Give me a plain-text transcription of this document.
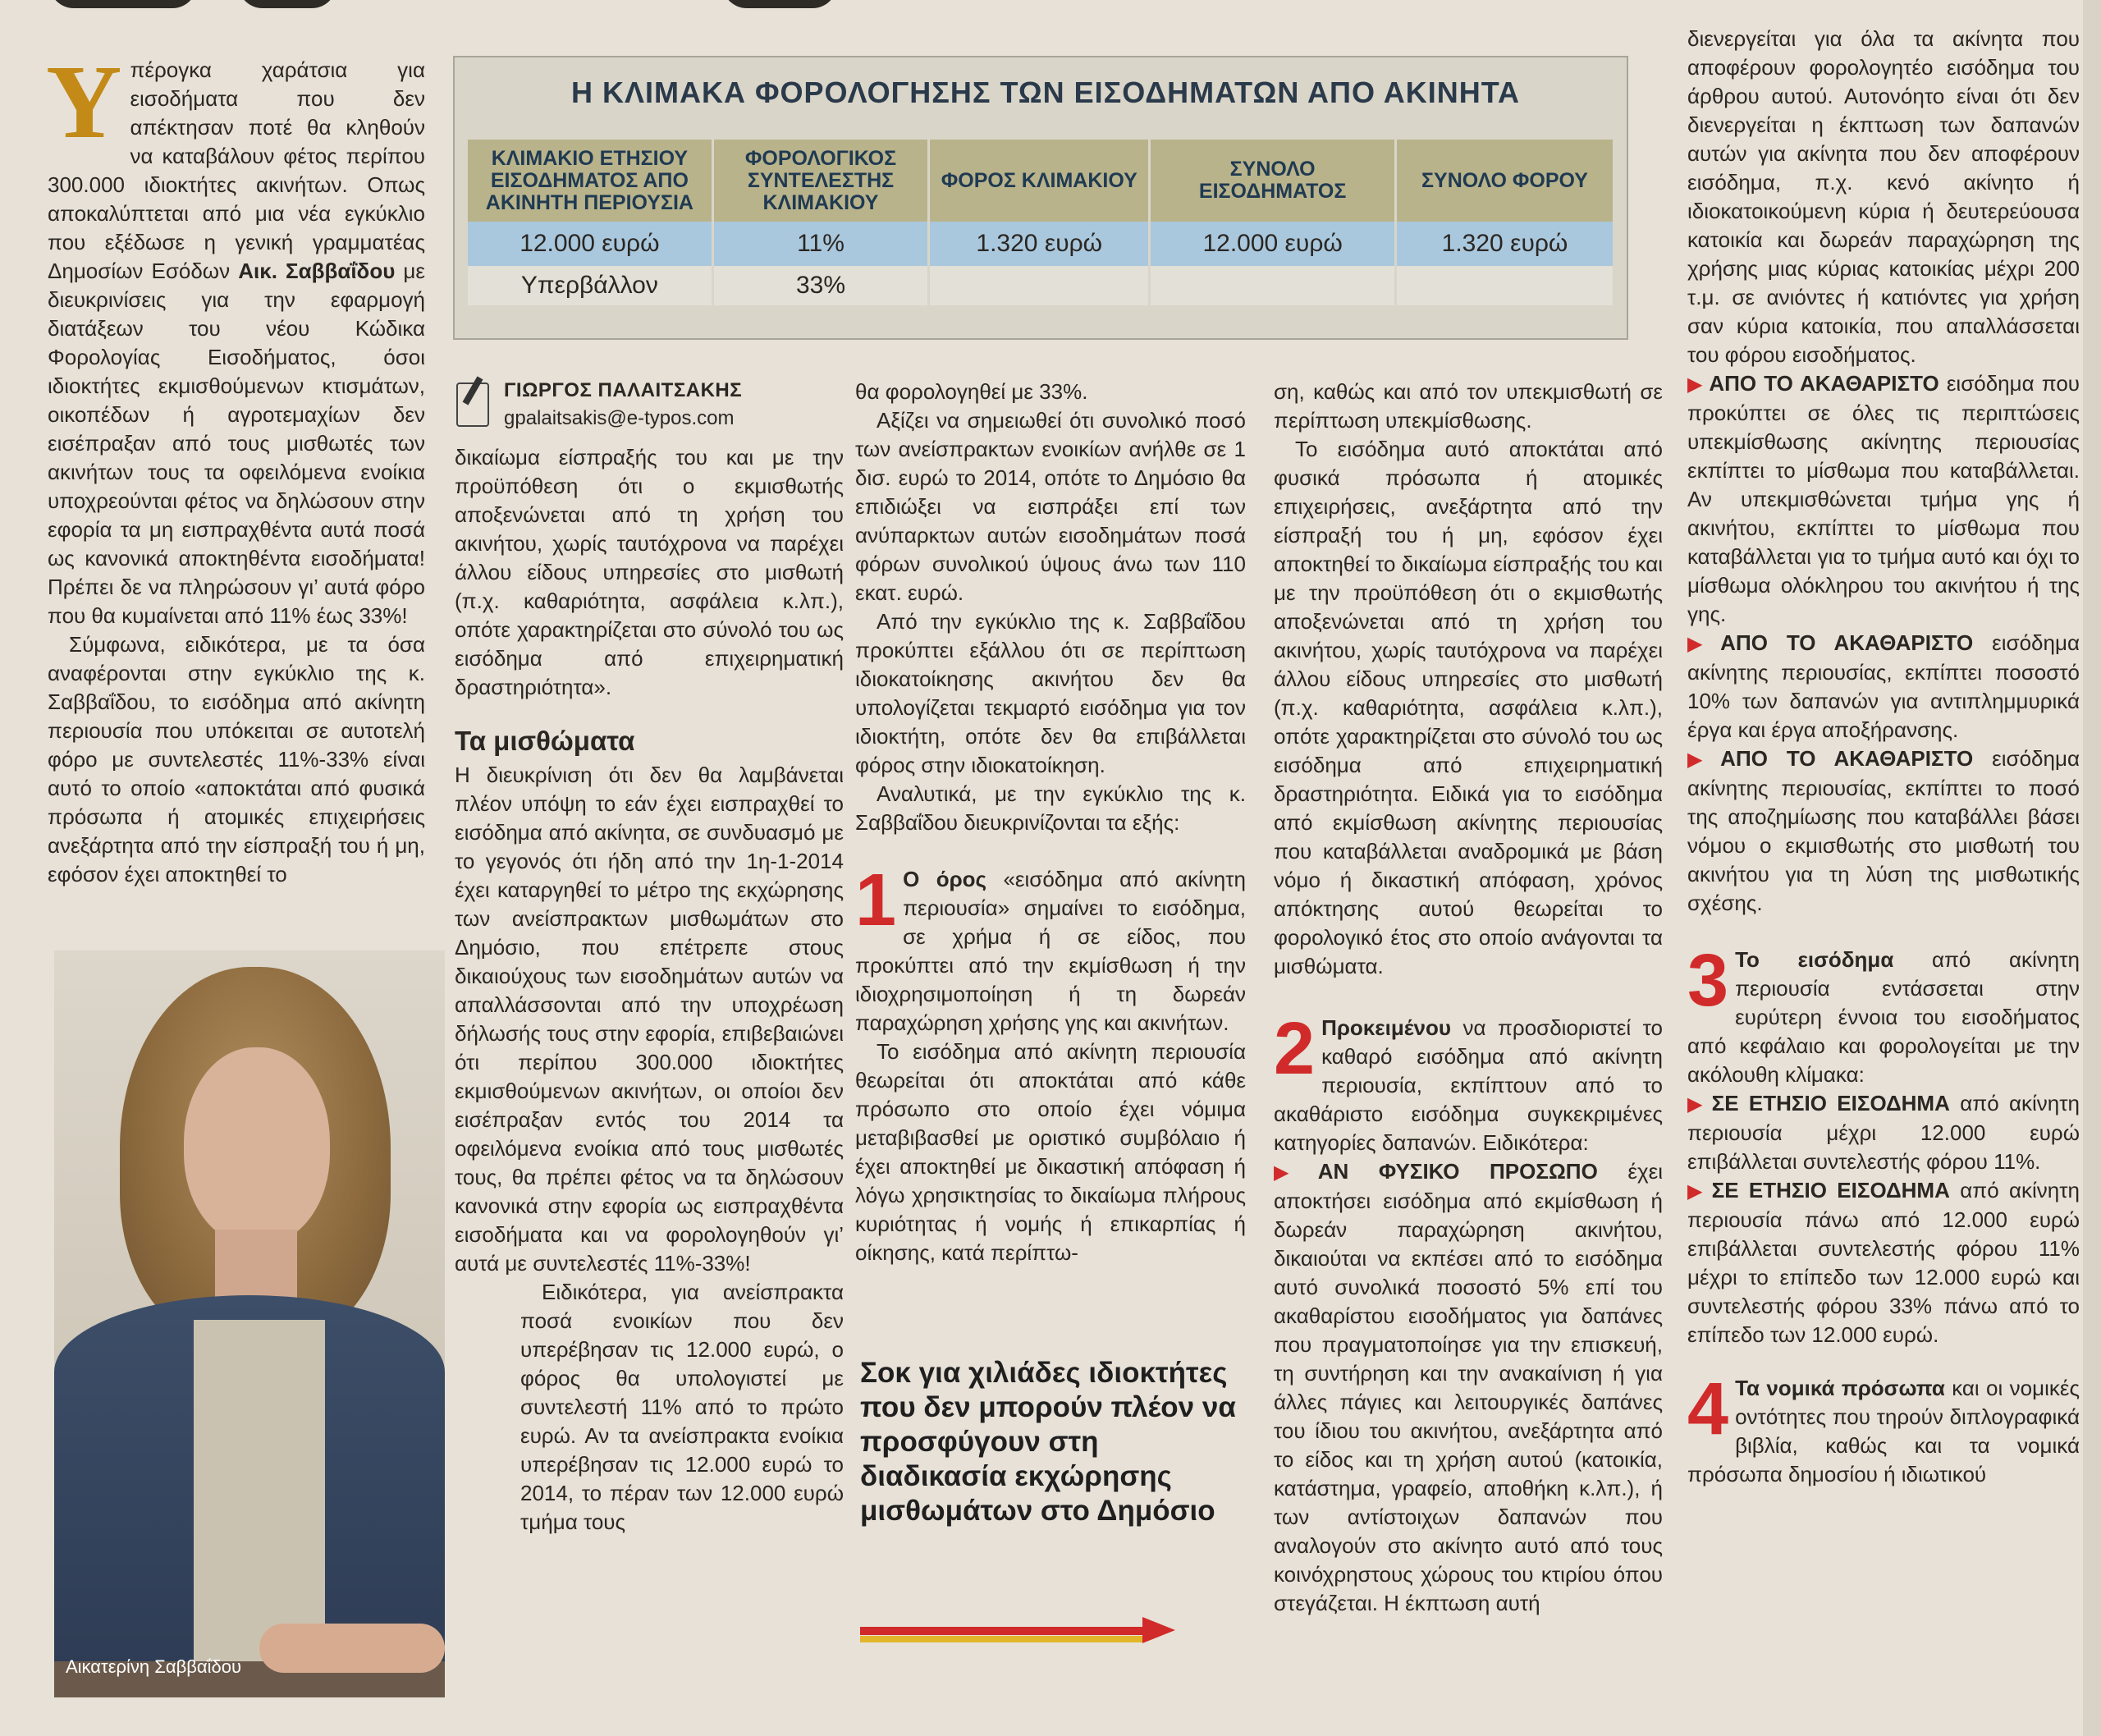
Υπέρογκα χαράτσια για εισοδήματα που δεν απέκτησαν ποτέ θα κληθούν να καταβάλουν φέτος περίπου 300.000 ιδιοκτήτες ακινήτων. Οπως αποκαλύπτεται από μια νέα εγκύκλιο που εξέδωσε η γενική γραμματέας Δημοσίων Εσόδων Αικ. Σαββαΐδου με διευκρινίσεις για την εφαρμογή διατάξεων του νέου Κώδικα Φορολογίας Εισοδήματος, όσοι ιδιοκτήτες εκμισθούμενων κτισμάτων, οικοπέδων ή αγροτεμαχίων δεν εισέπραξαν από τους μισθωτές των ακινήτων τους τα οφειλόμενα ενοίκια υποχρεούνται φέτος να δηλώσουν στην εφορία τα μη εισπραχθέντα αυτά ποσά ως κανονικά αποκτηθέντα εισοδήματα! Πρέπει δε να πληρώσουν γι’ αυτά φόρο που θα κυμαίνεται από 11% έως 33%!

Σύμφωνα, ειδικότερα, με τα όσα αναφέρονται στην εγκύκλιο της κ. Σαββαΐδου, το εισόδημα από ακίνητη περιουσία που υπόκειται σε αυτοτελή φόρο με συντελεστές 11%-33% είναι αυτό το οποίο «αποκτάται από φυσικά πρόσωπα ή ατομικές επιχειρήσεις ανεξάρτητα από την είσπραξή του ή μη, εφόσον έχει αποκτηθεί το

Η ΚΛΙΜΑΚΑ ΦΟΡΟΛΟΓΗΣΗΣ ΤΩΝ ΕΙΣΟΔΗΜΑΤΩΝ ΑΠΟ ΑΚΙΝΗΤΑ
ΚΛΙΜΑΚΙΟ ΕΤΗΣΙΟΥ ΕΙΣΟΔΗΜΑΤΟΣ ΑΠΟ ΑΚΙΝΗΤΗ ΠΕΡΙΟΥΣΙΑ	ΦΟΡΟΛΟΓΙΚΟΣ ΣΥΝΤΕΛΕΣΤΗΣ ΚΛΙΜΑΚΙΟΥ	ΦΟΡΟΣ ΚΛΙΜΑΚΙΟΥ	ΣΥΝΟΛΟ ΕΙΣΟΔΗΜΑΤΟΣ	ΣΥΝΟΛΟ ΦΟΡΟΥ
12.000 ευρώ	11%	1.320 ευρώ	12.000 ευρώ	1.320 ευρώ
Υπερβάλλον	33%			
ΓΙΩΡΓΟΣ ΠΑΛΑΙΤΣΑΚΗΣ
gpalaitsakis@e-typos.com

δικαίωμα είσπραξής του και με την προϋπόθεση ότι ο εκμισθωτής αποξενώνεται από τη χρήση του ακινήτου, χωρίς ταυτόχρονα να παρέχει άλλου είδους υπηρεσίες στο μισθωτή (π.χ. καθαριότητα, ασφάλεια κ.λπ.), οπότε χαρακτηρίζεται στο σύνολό του ως εισόδημα από επιχειρηματική δραστηριότητα».

Τα μισθώματα

Η διευκρίνιση ότι δεν θα λαμβάνεται πλέον υπόψη το εάν έχει εισπραχθεί το εισόδημα από ακίνητα, σε συνδυασμό με το γεγονός ότι ήδη από την 1η-1-2014 έχει καταργηθεί το μέτρο της εκχώρησης των ανείσπρακτων μισθωμάτων στο Δημόσιο, που επέτρεπε στους δικαιούχους των εισοδημάτων αυτών να απαλλάσσονται από την υποχρέωση δήλωσής τους στην εφορία, επιβεβαιώνει ότι περίπου 300.000 ιδιοκτήτες εκμισθούμενων ακινήτων, οι οποίοι δεν εισέπραξαν εντός του 2014 τα οφειλόμενα ενοίκια από τους μισθωτές τους, θα πρέπει φέτος να τα δηλώσουν κανονικά στην εφορία ως εισπραχθέντα εισοδήματα και να φορολογηθούν γι’ αυτά με συντελεστές 11%-33%!

Ειδικότερα, για ανείσπρακτα ποσά ενοικίων που δεν υπερέβησαν τις 12.000 ευρώ, ο φόρος θα υπολογιστεί με συντελεστή 11% από το πρώτο ευρώ. Αν τα ανείσπρακτα ενοίκια υπερέβησαν τις 12.000 ευρώ το 2014, το πέραν των 12.000 ευρώ τμήμα τους

θα φορολογηθεί με 33%.

Αξίζει να σημειωθεί ότι συνολικό ποσό των ανείσπρακτων ενοικίων ανήλθε σε 1 δισ. ευρώ το 2014, οπότε το Δημόσιο θα επιδιώξει να εισπράξει επί των ανύπαρκτων αυτών εισοδημάτων ποσά φόρων συνολικού ύψους άνω των 110 εκατ. ευρώ.

Από την εγκύκλιο της κ. Σαββαΐδου προκύπτει εξάλλου ότι σε περίπτωση ιδιοκατοίκησης ακινήτου δεν θα υπολογίζεται τεκμαρτό εισόδημα για τον ιδιοκτήτη, οπότε δεν θα επιβάλλεται φόρος στην ιδιοκατοίκηση.

Αναλυτικά, με την εγκύκλιο της κ. Σαββαΐδου διευκρινίζονται τα εξής:

1 Ο όρος «εισόδημα από ακίνητη περιουσία» σημαίνει το εισόδημα, σε χρήμα ή σε είδος, που προκύπτει από την εκμίσθωση ή την ιδιοχρησιμοποίηση ή τη δωρεάν παραχώρηση χρήσης γης και ακινήτων.

Το εισόδημα από ακίνητη περιουσία θεωρείται ότι αποκτάται από κάθε πρόσωπο στο οποίο έχει νόμιμα μεταβιβασθεί με οριστικό συμβόλαιο ή έχει αποκτηθεί με δικαστική απόφαση ή λόγω χρησικτησίας το δικαίωμα πλήρους κυριότητας ή νομής ή επικαρπίας ή οίκησης, κατά περίπτω-

ση, καθώς και από τον υπεκμισθωτή σε περίπτωση υπεκμίσθωσης.

Το εισόδημα αυτό αποκτάται από φυσικά πρόσωπα ή ατομικές επιχειρήσεις, ανεξάρτητα από την είσπραξή του ή μη, εφόσον έχει αποκτηθεί το δικαίωμα είσπραξής του και με την προϋπόθεση ότι ο εκμισθωτής αποξενώνεται από τη χρήση του ακινήτου, χωρίς ταυτόχρονα να παρέχει άλλου είδους υπηρεσίες στο μισθωτή (π.χ. καθαριότητα, ασφάλεια κ.λπ.), οπότε χαρακτηρίζεται στο σύνολό του ως εισόδημα από επιχειρηματική δραστηριότητα. Ειδικά για το εισόδημα από εκμίσθωση ακίνητης περιουσίας που καταβάλλεται αναδρομικά με βάση νόμο ή δικαστική απόφαση, χρόνος απόκτησης αυτού θεωρείται το φορολογικό έτος στο οποίο ανάγονται τα μισθώματα.

2 Προκειμένου να προσδιοριστεί το καθαρό εισόδημα από ακίνητη περιουσία, εκπίπτουν από το ακαθάριστο εισόδημα συγκεκριμένες κατηγορίες δαπανών. Ειδικότερα:

▶ ΑΝ ΦΥΣΙΚΟ ΠΡΟΣΩΠΟ έχει αποκτήσει εισόδημα από εκμίσθωση ή δωρεάν παραχώρηση ακινήτου, δικαιούται να εκπέσει από το εισόδημα αυτό συνολικά ποσοστό 5% επί του ακαθαρίστου εισοδήματος για δαπάνες που πραγματοποίησε για την επισκευή, τη συντήρηση και την ανακαίνιση ή για άλλες πάγιες και λειτουργικές δαπάνες του ίδιου του ακινήτου, ανεξάρτητα από το είδος και τη χρήση αυτού (κατοικία, κατάστημα, γραφείο, αποθήκη κ.λπ.), ή των αντίστοιχων δαπανών που αναλογούν στο ακίνητο αυτό από τους κοινόχρηστους χώρους του κτιρίου όπου στεγάζεται. Η έκπτωση αυτή

διενεργείται για όλα τα ακίνητα που αποφέρουν φορολογητέο εισόδημα του άρθρου αυτού. Αυτονόητο είναι ότι δεν διενεργείται η έκπτωση των δαπανών αυτών για ακίνητα που δεν αποφέρουν εισόδημα, π.χ. κενό ακίνητο ή ιδιοκατοικούμενη κύρια ή δευτερεύουσα κατοικία και δωρεάν παραχώρηση της χρήσης μιας κύριας κατοικίας μέχρι 200 τ.μ. σε ανιόντες ή κατιόντες για χρήση σαν κύρια κατοικία, που απαλλάσσεται του φόρου εισοδήματος.

▶ ΑΠΟ ΤΟ ΑΚΑΘΑΡΙΣΤΟ εισόδημα που προκύπτει σε όλες τις περιπτώσεις υπεκμίσθωσης ακίνητης περιουσίας εκπίπτει το μίσθωμα που καταβάλλεται. Αν υπεκμισθώνεται τμήμα γης ή ακινήτου, εκπίπτει το μίσθωμα που καταβάλλεται για το τμήμα αυτό και όχι το μίσθωμα ολόκληρου του ακινήτου ή της γης.

▶ ΑΠΟ ΤΟ ΑΚΑΘΑΡΙΣΤΟ εισόδημα ακίνητης περιουσίας, εκπίπτει ποσοστό 10% των δαπανών για αντιπλημμυρικά έργα και έργα αποξήρανσης.

▶ ΑΠΟ ΤΟ ΑΚΑΘΑΡΙΣΤΟ εισόδημα ακίνητης περιουσίας, εκπίπτει το ποσό της αποζημίωσης που καταβάλλει βάσει νόμου ο εκμισθωτής στο μισθωτή του ακινήτου για τη λύση της μισθωτικής σχέσης.

3 Το εισόδημα από ακίνητη περιουσία εντάσσεται στην ευρύτερη έννοια του εισοδήματος από κεφάλαιο και φορολογείται με την ακόλουθη κλίμακα:

▶ ΣΕ ΕΤΗΣΙΟ ΕΙΣΟΔΗΜΑ από ακίνητη περιουσία μέχρι 12.000 ευρώ επιβάλλεται συντελεστής φόρου 11%.

▶ ΣΕ ΕΤΗΣΙΟ ΕΙΣΟΔΗΜΑ από ακίνητη περιουσία πάνω από 12.000 ευρώ επιβάλλεται συντελεστής φόρου 11% μέχρι το επίπεδο των 12.000 ευρώ και συντελεστής φόρου 33% πάνω από το επίπεδο των 12.000 ευρώ.

4 Τα νομικά πρόσωπα και οι νομικές οντότητες που τηρούν διπλογραφικά βιβλία, καθώς και τα νομικά πρόσωπα δημοσίου ή ιδιωτικού

Αικατερίνη Σαββαΐδου
Σοκ για χιλιάδες ιδιοκτήτες που δεν μπορούν πλέον να προσφύγουν στη διαδικασία εκχώρησης μισθωμάτων στο Δημόσιο
